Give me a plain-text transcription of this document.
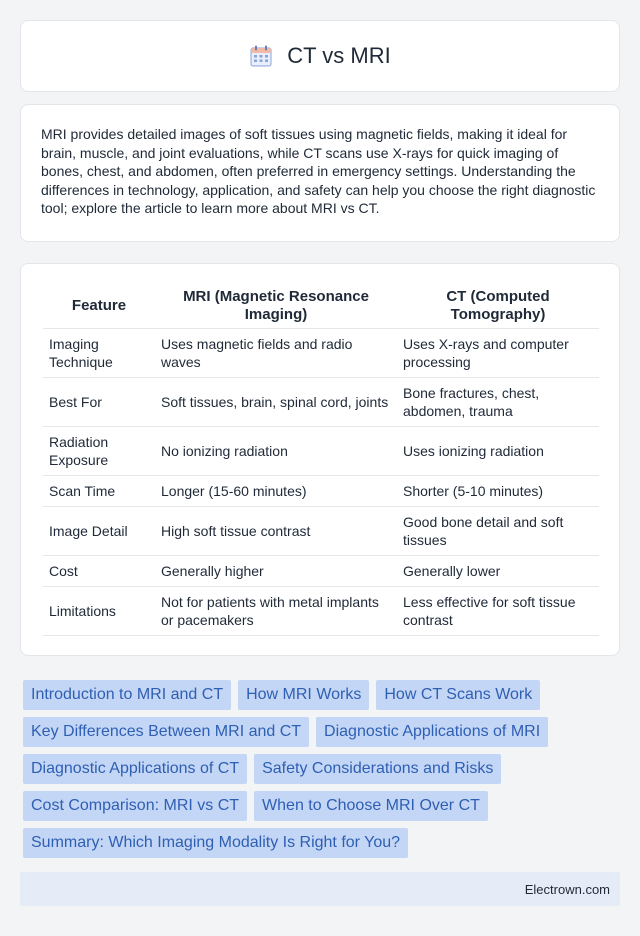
CT vs MRI

MRI provides detailed images of soft tissues using magnetic fields, making it ideal for brain, muscle, and joint evaluations, while CT scans use X-rays for quick imaging of bones, chest, and abdomen, often preferred in emergency settings. Understanding the differences in technology, application, and safety can help you choose the right diagnostic tool; explore the article to learn more about MRI vs CT.

Feature	MRI (Magnetic Resonance Imaging)	CT (Computed Tomography)
Imaging Technique	Uses magnetic fields and radio waves	Uses X-rays and computer processing
Best For	Soft tissues, brain, spinal cord, joints	Bone fractures, chest, abdomen, trauma
Radiation Exposure	No ionizing radiation	Uses ionizing radiation
Scan Time	Longer (15-60 minutes)	Shorter (5-10 minutes)
Image Detail	High soft tissue contrast	Good bone detail and soft tissues
Cost	Generally higher	Generally lower
Limitations	Not for patients with metal implants or pacemakers	Less effective for soft tissue contrast
Introduction to MRI and CT	How MRI Works	How CT Scans Work
Key Differences Between MRI and CT	Diagnostic Applications of MRI
Diagnostic Applications of CT	Safety Considerations and Risks
Cost Comparison: MRI vs CT	When to Choose MRI Over CT
Summary: Which Imaging Modality Is Right for You?
Electrown.com
